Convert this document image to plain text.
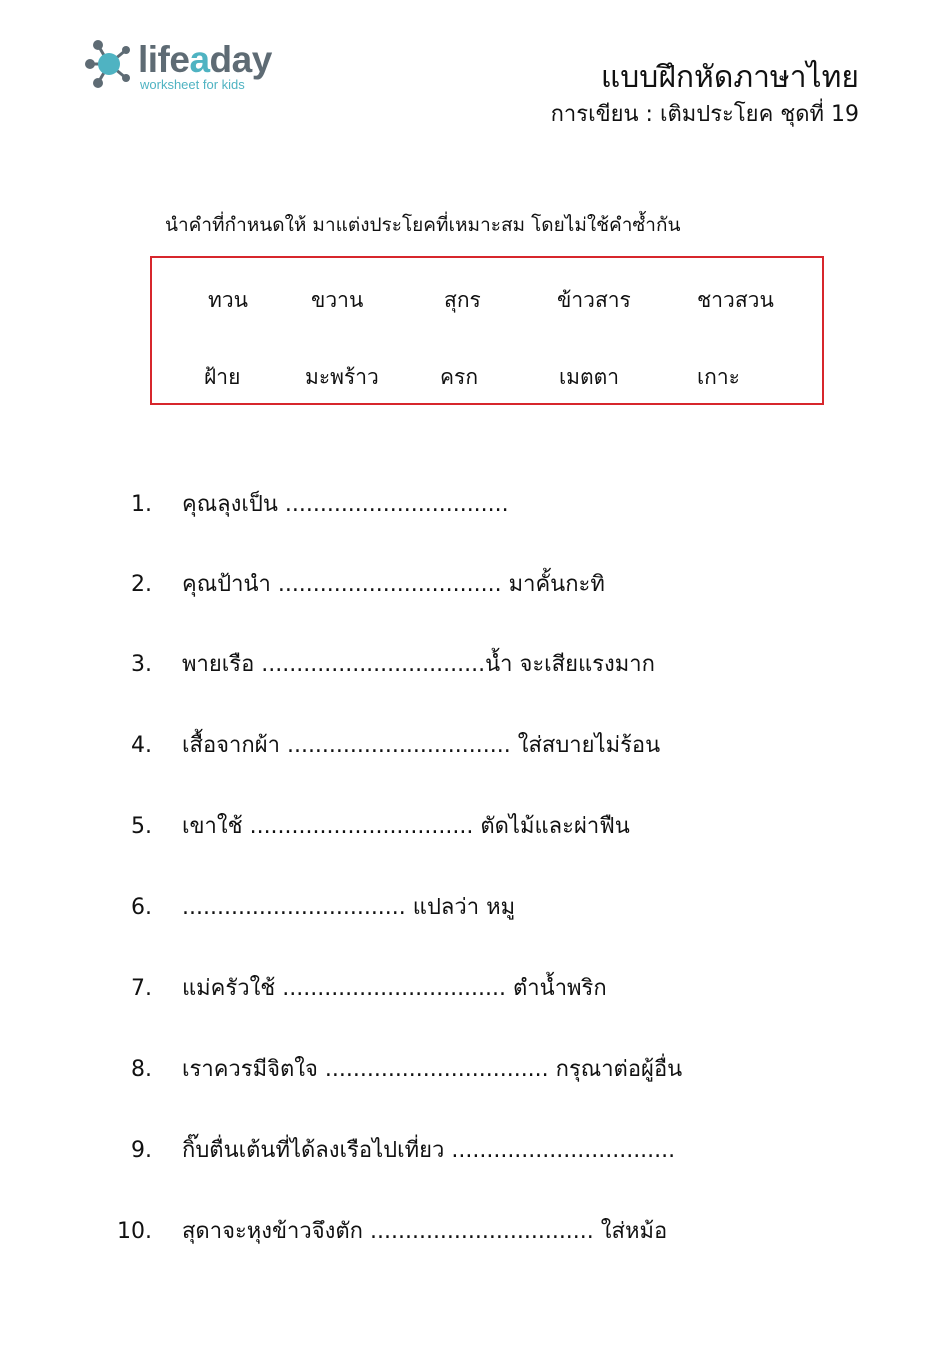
lifeaday
worksheet for kids	แบบฝึกหัดภาษาไทย
การเขียน : เติมประโยค ชุดที่ 19
นำคำที่กำหนดให้ มาแต่งประโยคที่เหมาะสม โดยไม่ใช้คำซ้ำกัน
ทวน	ขวาน	สุกร	ข้าวสาร	ชาวสวน
ฝ้าย	มะพร้าว	ครก	เมตตา	เกาะ
1. คุณลุงเป็น ................................
2. คุณป้านำ ................................ มาคั้นกะทิ
3. พายเรือ ................................น้ำ จะเสียแรงมาก
4. เสื้อจากผ้า ................................ ใส่สบายไม่ร้อน
5. เขาใช้ ................................ ตัดไม้และผ่าฟืน
6. ................................ แปลว่า หมู
7. แม่ครัวใช้ ................................ ตำน้ำพริก
8. เราควรมีจิตใจ ................................ กรุณาต่อผู้อื่น
9. กิ๊บตื่นเต้นที่ได้ลงเรือไปเที่ยว ................................
10. สุดาจะหุงข้าวจึงตัก ................................ ใส่หม้อ
